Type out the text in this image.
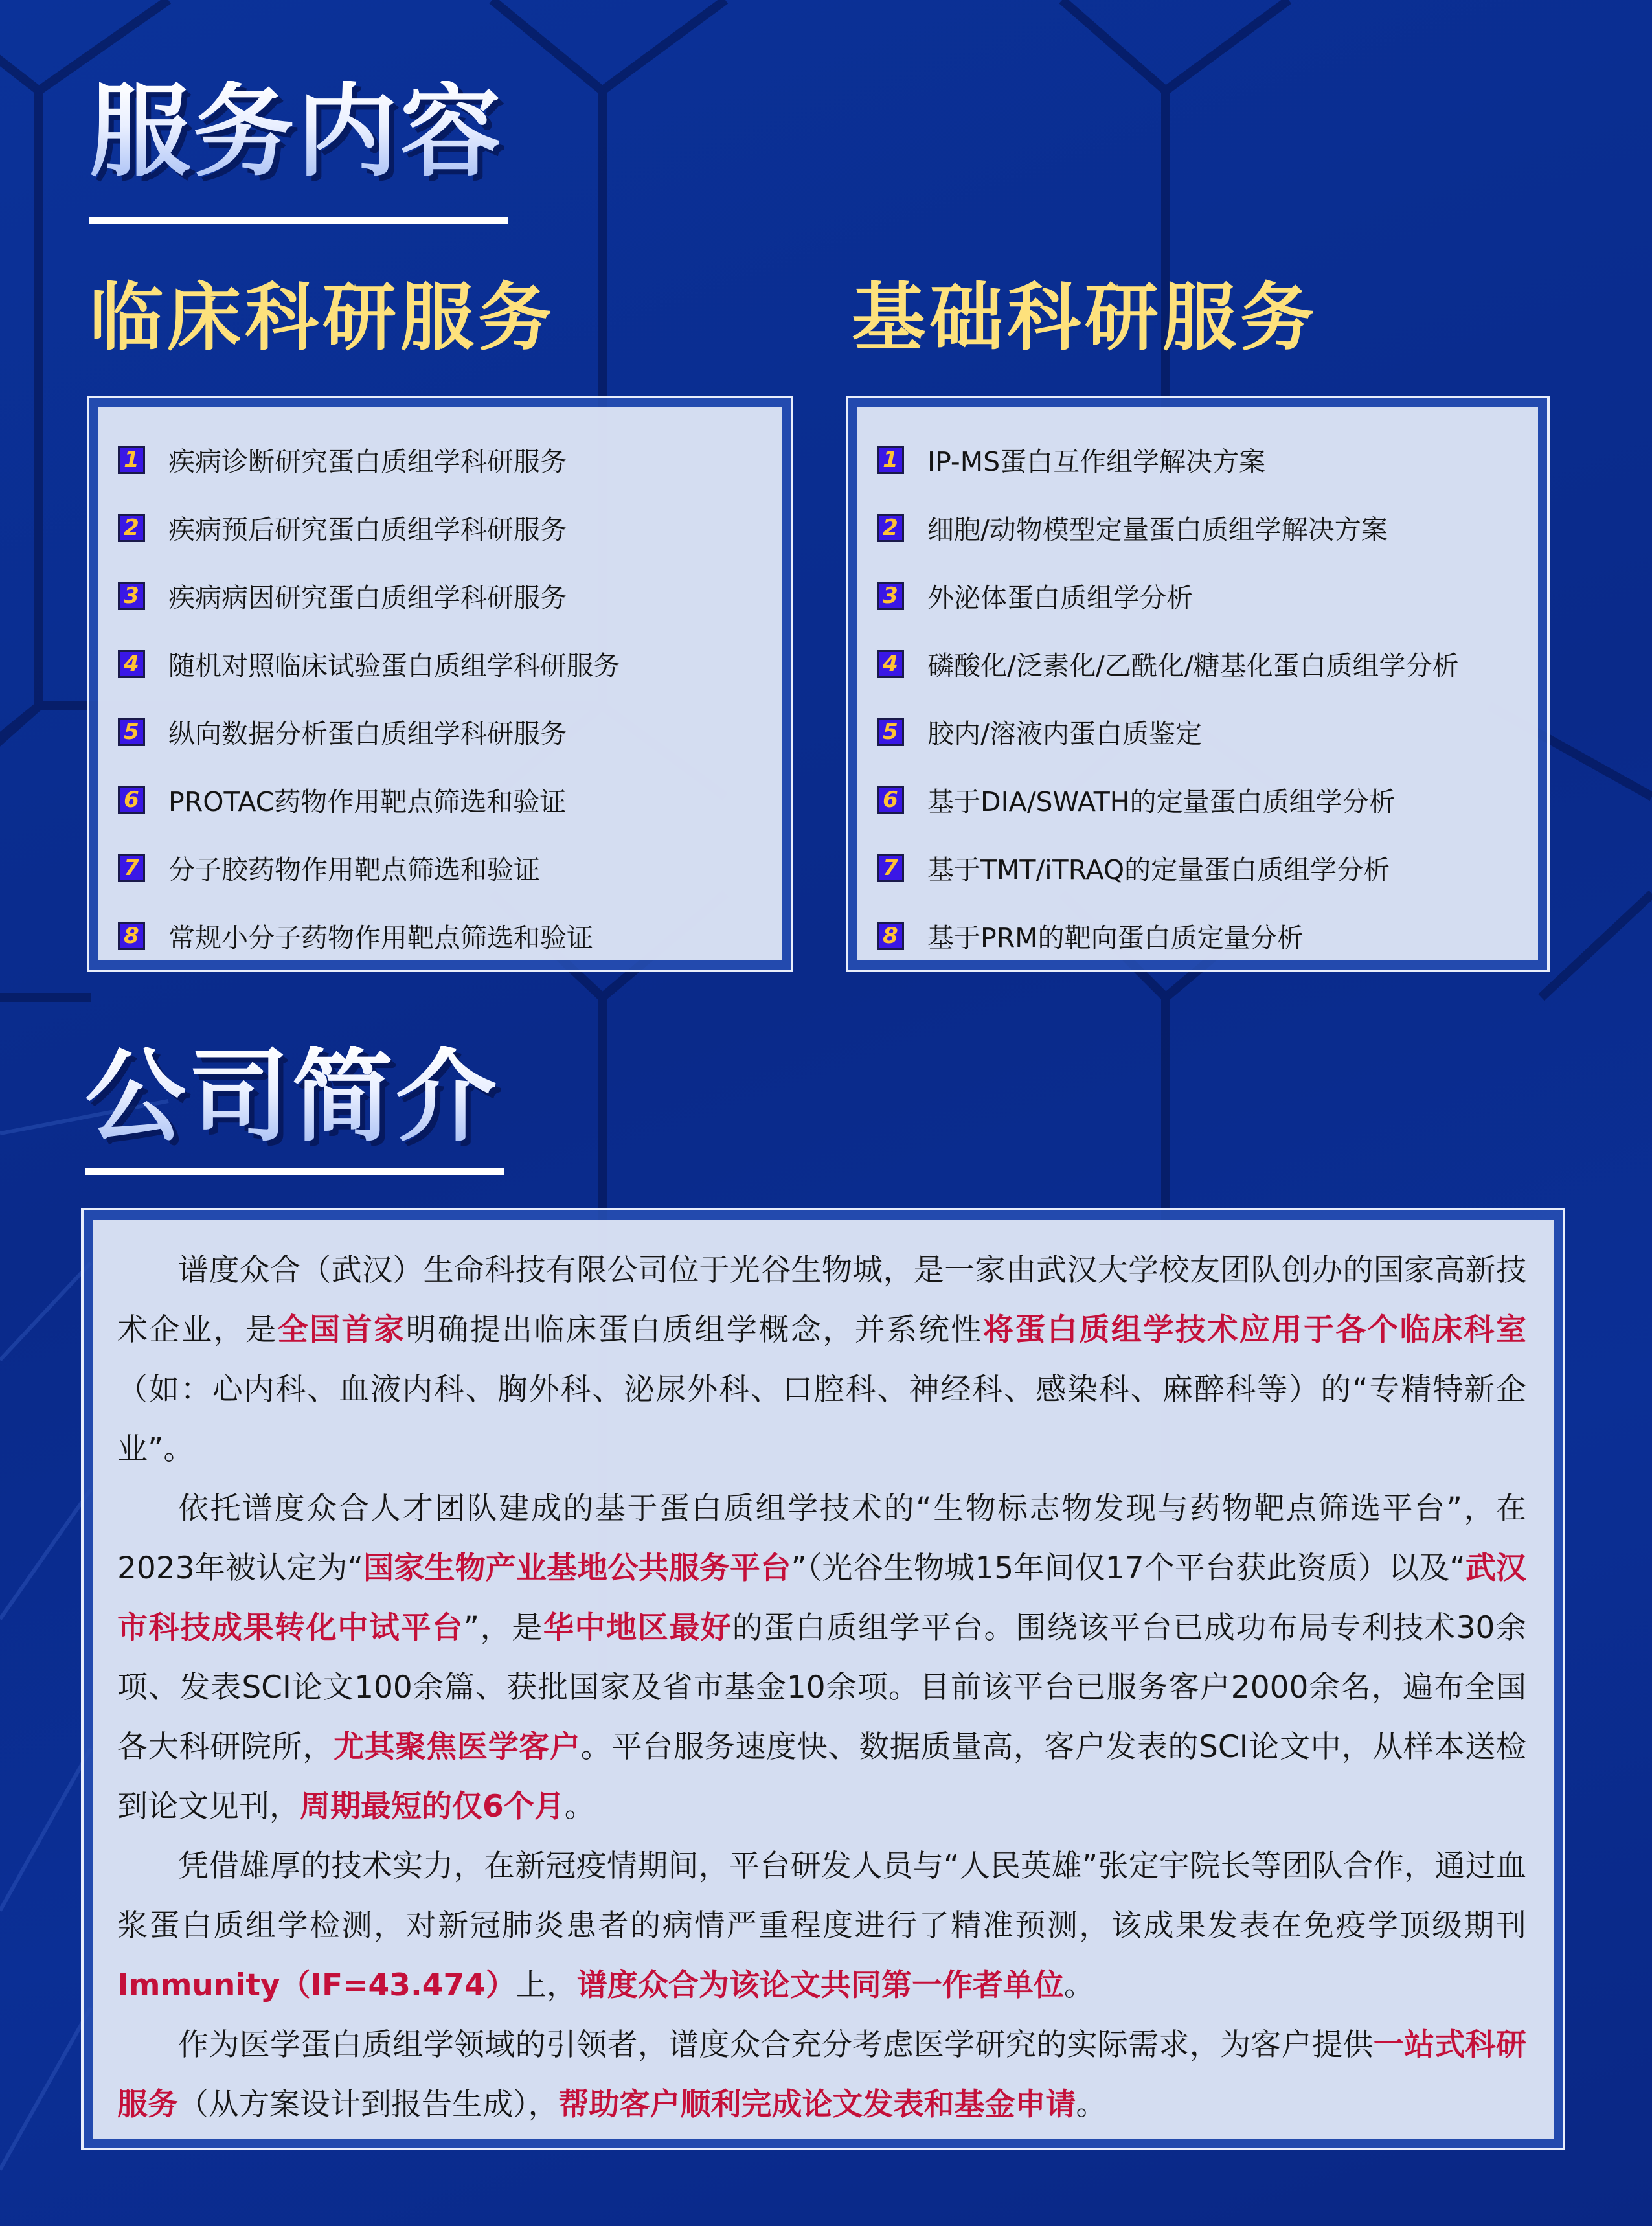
服务内容
临床科研服务	基础科研服务
1 疾病诊断研究蛋白质组学科研服务
2 疾病预后研究蛋白质组学科研服务
3 疾病病因研究蛋白质组学科研服务
4 随机对照临床试验蛋白质组学科研服务
5 纵向数据分析蛋白质组学科研服务
6 PROTAC药物作用靶点筛选和验证
7 分子胶药物作用靶点筛选和验证
8 常规小分子药物作用靶点筛选和验证
1 IP-MS蛋白互作组学解决方案
2 细胞/动物模型定量蛋白质组学解决方案
3 外泌体蛋白质组学分析
4 磷酸化/泛素化/乙酰化/糖基化蛋白质组学分析
5 胶内/溶液内蛋白质鉴定
6 基于DIA/SWATH的定量蛋白质组学分析
7 基于TMT/iTRAQ的定量蛋白质组学分析
8 基于PRM的靶向蛋白质定量分析
公司简介

谱度众合（武汉）生命科技有限公司位于光谷生物城，是一家由武汉大学校友团队创办的国家高新技术企业，是全国首家明确提出临床蛋白质组学概念，并系统性将蛋白质组学技术应用于各个临床科室（如：心内科、血液内科、胸外科、泌尿外科、口腔科、神经科、感染科、麻醉科等）的“专精特新企业”。

依托谱度众合人才团队建成的基于蛋白质组学技术的“生物标志物发现与药物靶点筛选平台”，在2023年被认定为“国家生物产业基地公共服务平台”（光谷生物城15年间仅17个平台获此资质）以及“武汉市科技成果转化中试平台”，是华中地区最好的蛋白质组学平台。围绕该平台已成功布局专利技术30余项、发表SCI论文100余篇、获批国家及省市基金10余项。目前该平台已服务客户2000余名，遍布全国各大科研院所，尤其聚焦医学客户。平台服务速度快、数据质量高，客户发表的SCI论文中，从样本送检到论文见刊，周期最短的仅6个月。

凭借雄厚的技术实力，在新冠疫情期间，平台研发人员与“人民英雄”张定宇院长等团队合作，通过血浆蛋白质组学检测，对新冠肺炎患者的病情严重程度进行了精准预测，该成果发表在免疫学顶级期刊Immunity（IF=43.474）上，谱度众合为该论文共同第一作者单位。

作为医学蛋白质组学领域的引领者，谱度众合充分考虑医学研究的实际需求，为客户提供一站式科研服务（从方案设计到报告生成），帮助客户顺利完成论文发表和基金申请。
